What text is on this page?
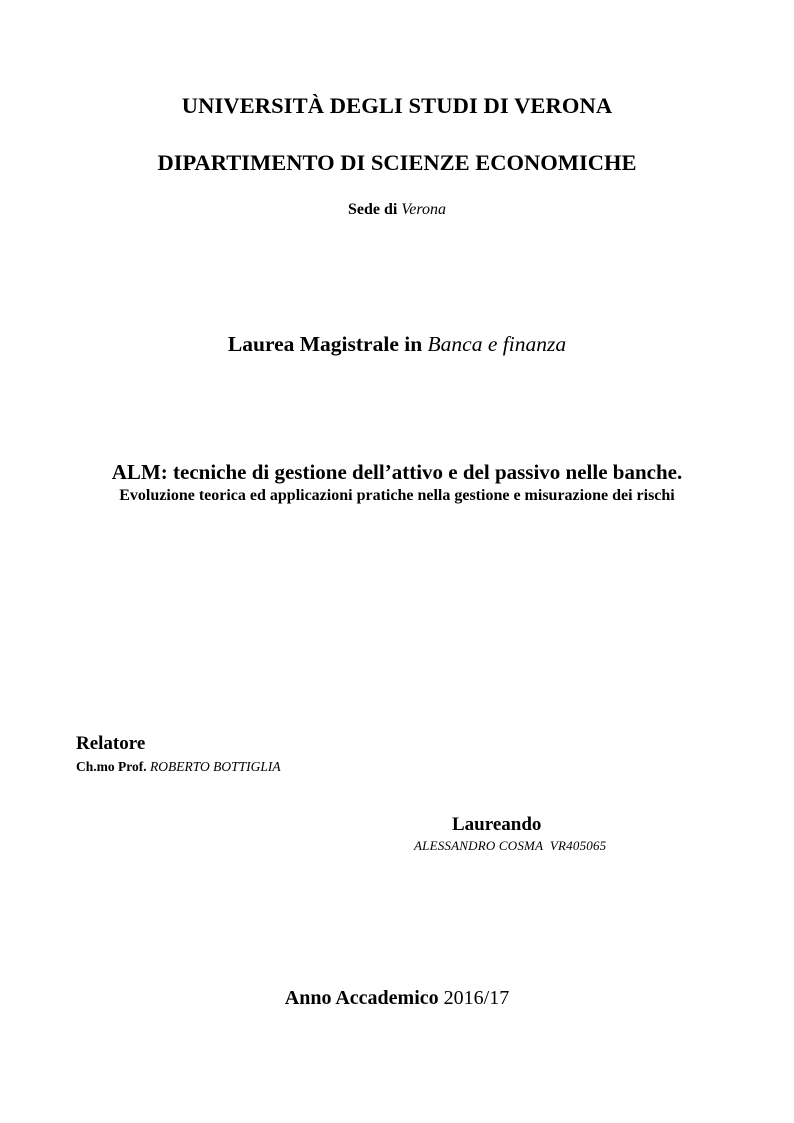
UNIVERSITÀ DEGLI STUDI DI VERONA
DIPARTIMENTO DI SCIENZE ECONOMICHE
Sede di Verona
Laurea Magistrale in Banca e finanza
ALM: tecniche di gestione dell’attivo e del passivo nelle banche.
Evoluzione teorica ed applicazioni pratiche nella gestione e misurazione dei rischi
Relatore
Ch.mo Prof. ROBERTO BOTTIGLIA
Laureando
ALESSANDRO COSMA  VR405065
Anno Accademico 2016/17
